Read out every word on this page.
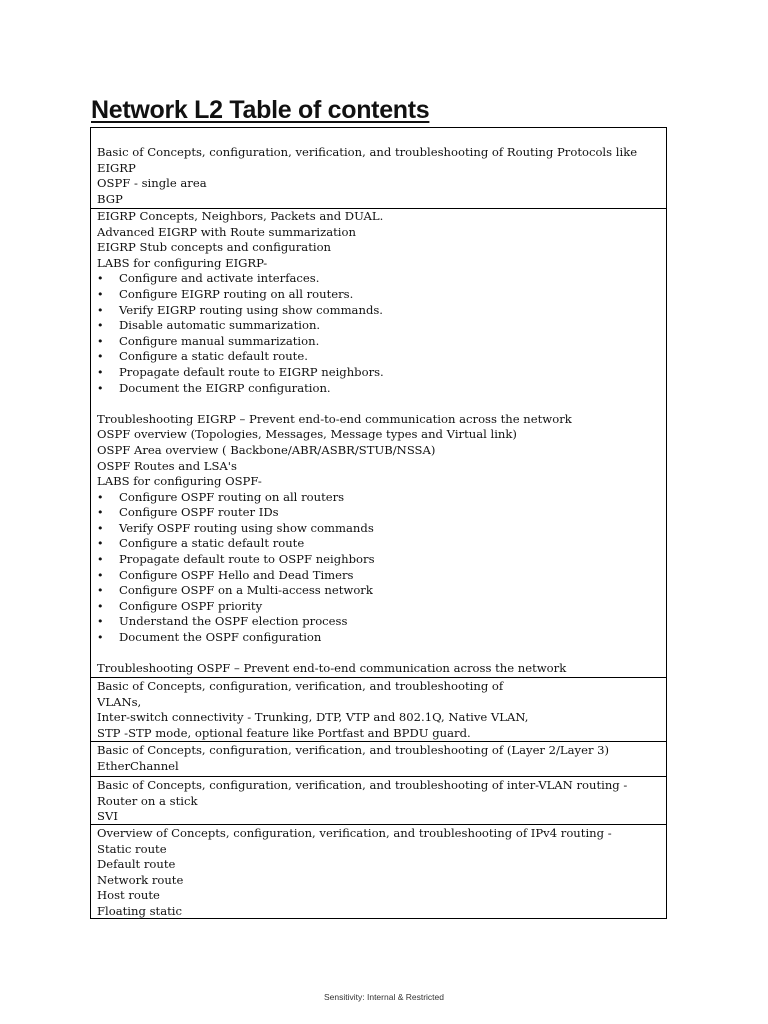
Network L2 Table of contents
Basic of Concepts, configuration, verification, and troubleshooting of Routing Protocols like
EIGRP
OSPF - single area
BGP
EIGRP Concepts, Neighbors, Packets and DUAL.
Advanced EIGRP with Route summarization
EIGRP Stub concepts and configuration
LABS for configuring EIGRP-
•	Configure and activate interfaces.
•	Configure EIGRP routing on all routers.
•	Verify EIGRP routing using show commands.
•	Disable automatic summarization.
•	Configure manual summarization.
•	Configure a static default route.
•	Propagate default route to EIGRP neighbors.
•	Document the EIGRP configuration.
Troubleshooting EIGRP – Prevent end-to-end communication across the network
OSPF overview (Topologies, Messages, Message types and Virtual link)
OSPF Area overview ( Backbone/ABR/ASBR/STUB/NSSA)
OSPF Routes and LSA's
LABS for configuring OSPF-
•	Configure OSPF routing on all routers
•	Configure OSPF router IDs
•	Verify OSPF routing using show commands
•	Configure a static default route
•	Propagate default route to OSPF neighbors
•	Configure OSPF Hello and Dead Timers
•	Configure OSPF on a Multi-access network
•	Configure OSPF priority
•	Understand the OSPF election process
•	Document the OSPF configuration
Troubleshooting OSPF – Prevent end-to-end communication across the network
Basic of Concepts, configuration, verification, and troubleshooting of
VLANs,
Inter-switch connectivity - Trunking, DTP, VTP and 802.1Q, Native VLAN,
STP -STP mode, optional feature like Portfast and BPDU guard.
Basic of Concepts, configuration, verification, and troubleshooting of (Layer 2/Layer 3)
EtherChannel
Basic of Concepts, configuration, verification, and troubleshooting of inter-VLAN routing -
Router on a stick
SVI
Overview of Concepts, configuration, verification, and troubleshooting of IPv4 routing -
Static route
Default route
Network route
Host route
Floating static
Sensitivity: Internal & Restricted
